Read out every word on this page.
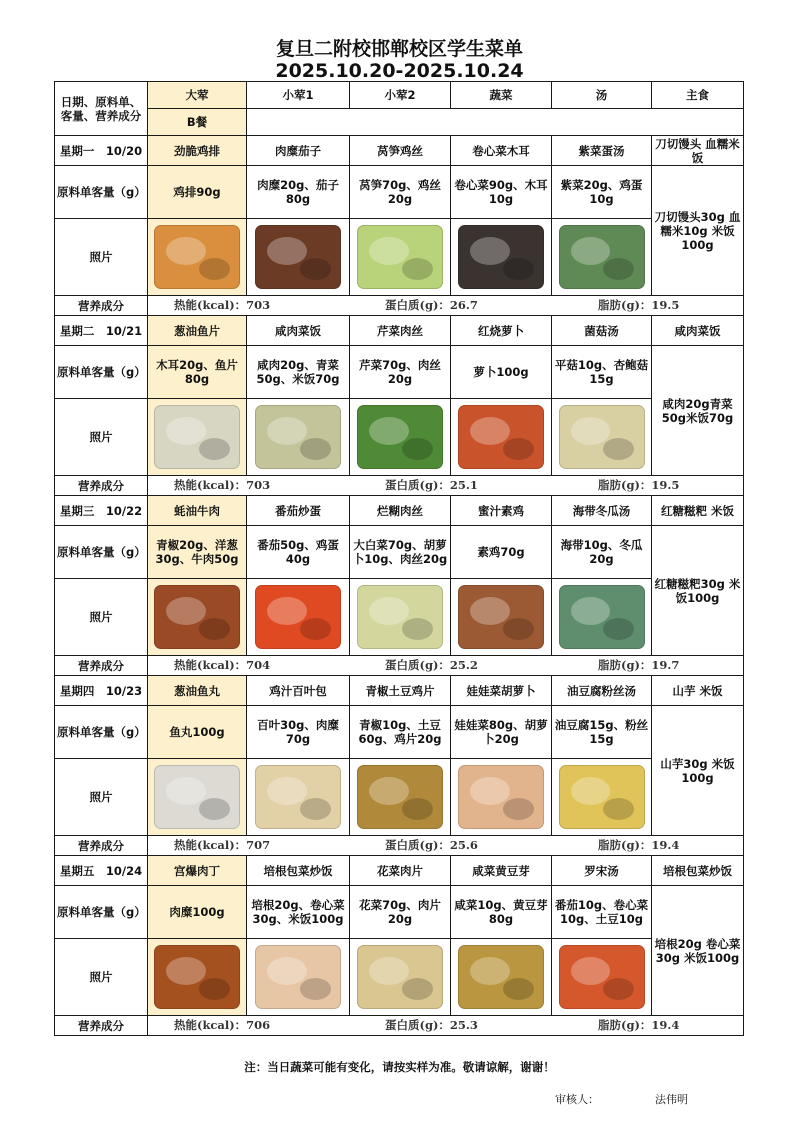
复旦二附校邯郸校区学生菜单
2025.10.20-2025.10.24
日期、原料单、客量、营养成分	大荤	小荤1	小荤2	蔬菜	汤	主食
	B餐					
星期一　10/20	劲脆鸡排	肉糜茄子	莴笋鸡丝	卷心菜木耳	紫菜蛋汤	刀切馒头 血糯米饭
原料单客量（g）	鸡排90g	肉糜20g、茄子80g	莴笋70g、鸡丝20g	卷心菜90g、木耳10g	紫菜20g、鸡蛋10g	刀切馒头30g 血糯米10g 米饭100g
照片		

营养成分	热能(kcal)：703 蛋白质(g)：26.7 脂肪(g)：19.5					

星期二　10/21	葱油鱼片	咸肉菜饭	芹菜肉丝	红烧萝卜	菌菇汤	咸肉菜饭
原料单客量（g）	木耳20g、鱼片80g	咸肉20g、青菜50g、米饭70g	芹菜70g、肉丝20g	萝卜100g	平菇10g、杏鲍菇15g	咸肉20g青菜50g米饭70g
照片		

营养成分	热能(kcal)：703 蛋白质(g)：25.1 脂肪(g)：19.5					

星期三　10/22	蚝油牛肉	番茄炒蛋	烂糊肉丝	蜜汁素鸡	海带冬瓜汤	红糖糍粑 米饭
原料单客量（g）	青椒20g、洋葱30g、牛肉50g	番茄50g、鸡蛋40g	大白菜70g、胡萝卜10g、肉丝20g	素鸡70g	海带10g、冬瓜20g	红糖糍粑30g 米饭100g
照片		

营养成分	热能(kcal)：704 蛋白质(g)：25.2 脂肪(g)：19.7					

星期四　10/23	葱油鱼丸	鸡汁百叶包	青椒土豆鸡片	娃娃菜胡萝卜	油豆腐粉丝汤	山芋 米饭
原料单客量（g）	鱼丸100g	百叶30g、肉糜70g	青椒10g、土豆60g、鸡片20g	娃娃菜80g、胡萝卜20g	油豆腐15g、粉丝15g	山芋30g 米饭100g
照片		

营养成分	热能(kcal)：707 蛋白质(g)：25.6 脂肪(g)：19.4					

星期五　10/24	宫爆肉丁	培根包菜炒饭	花菜肉片	咸菜黄豆芽	罗宋汤	培根包菜炒饭
原料单客量（g）	肉糜100g	培根20g、卷心菜30g、米饭100g	花菜70g、肉片20g	咸菜10g、黄豆芽80g	番茄10g、卷心菜10g、土豆10g	培根20g 卷心菜30g 米饭100g
照片		

营养成分	热能(kcal)：706 蛋白质(g)：25.3 脂肪(g)：19.4					
注：当日蔬菜可能有变化，请按实样为准。敬请谅解，谢谢！
审核人：	法伟明
